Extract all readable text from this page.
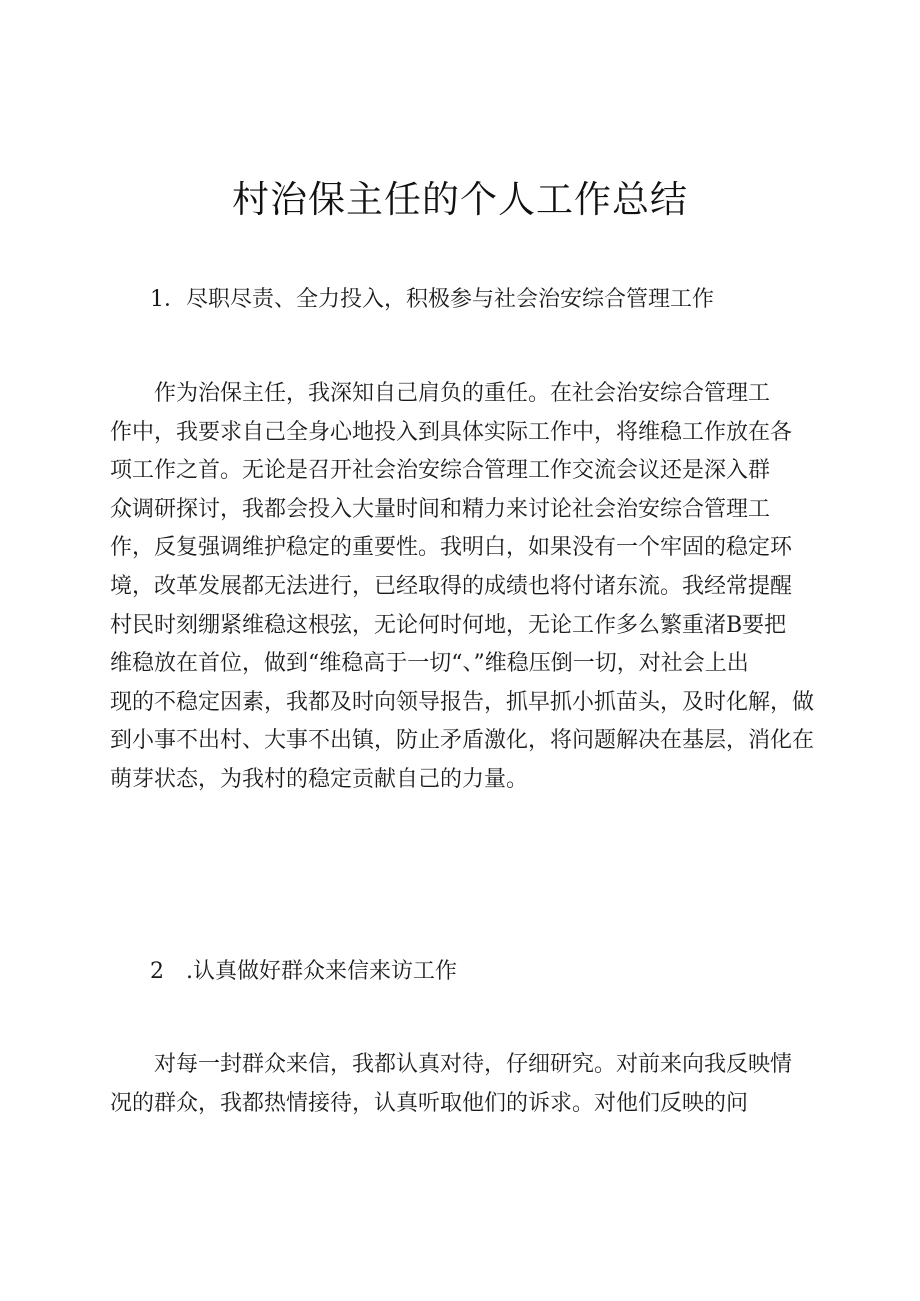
村治保主任的个人工作总结

1．尽职尽责、全力投入，积极参与社会治安综合管理工作

作为治保主任，我深知自己肩负的重任。在社会治安综合管理工
作中，我要求自己全身心地投入到具体实际工作中，将维稳工作放在各
项工作之首。无论是召开社会治安综合管理工作交流会议还是深入群
众调研探讨，我都会投入大量时间和精力来讨论社会治安综合管理工
作，反复强调维护稳定的重要性。我明白，如果没有一个牢固的稳定环
境，改革发展都无法进行，已经取得的成绩也将付诸东流。我经常提醒
村民时刻绷紧维稳这根弦，无论何时何地，无论工作多么繁重渚B要把
维稳放在首位，做到“维稳高于一切“、”维稳压倒一切，对社会上出
现的不稳定因素，我都及时向领导报告，抓早抓小抓苗头，及时化解，做
到小事不出村、大事不出镇，防止矛盾激化，将问题解决在基层，消化在
萌芽状态，为我村的稳定贡献自己的力量。

2　.认真做好群众来信来访工作

对每一封群众来信，我都认真对待，仔细研究。对前来向我反映情
况的群众，我都热情接待，认真听取他们的诉求。对他们反映的问
